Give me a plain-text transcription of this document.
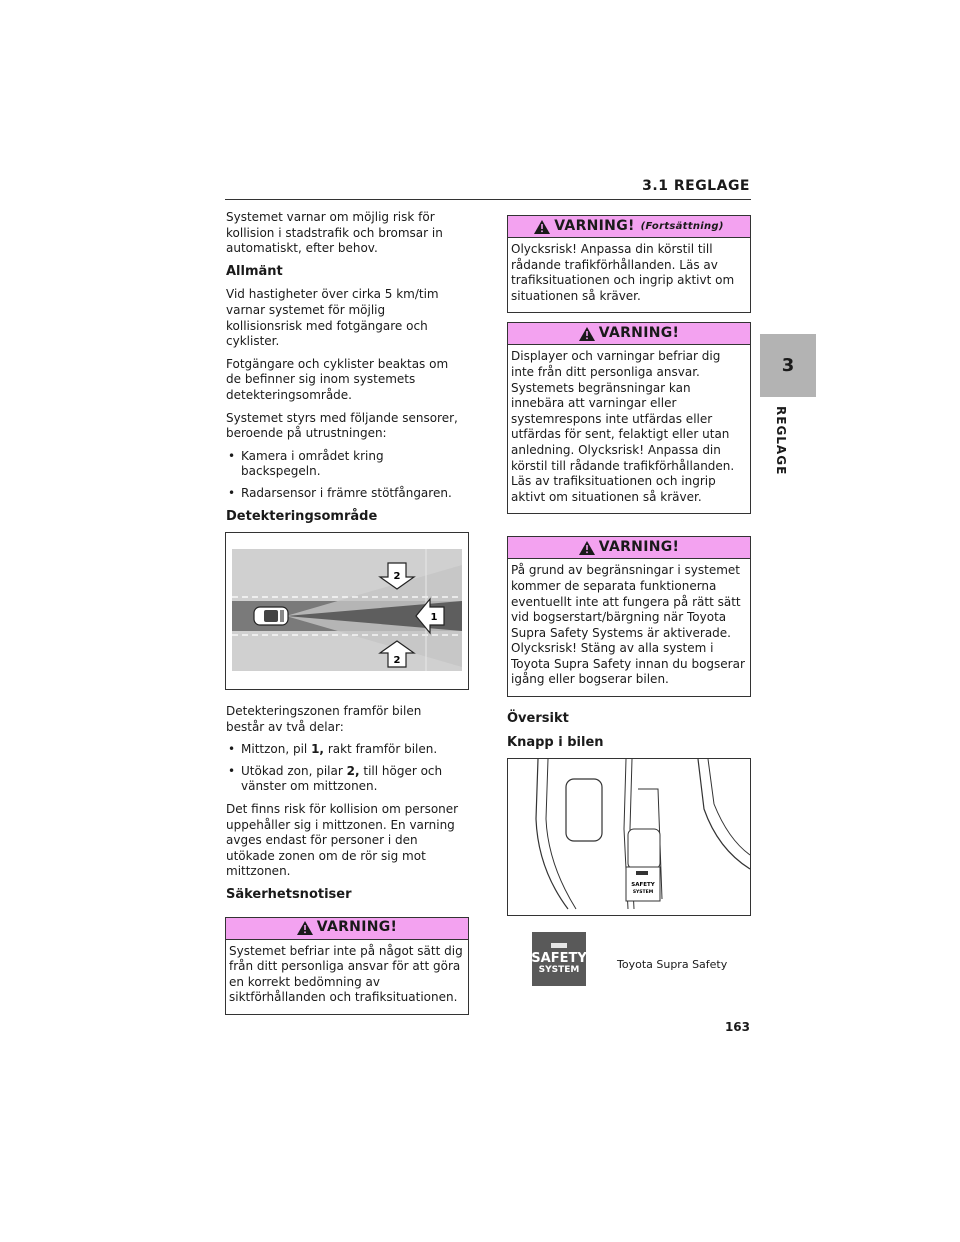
3.1 REGLAGE
3
REGLAGE

Systemet varnar om möjlig risk för kollision i stadstrafik och bromsar in automatiskt, efter behov.

Allmänt

Vid hastigheter över cirka 5 km/tim varnar systemet för möjlig kollisionsrisk med fotgängare och cyklister.

Fotgängare och cyklister beaktas om de befinner sig inom systemets detekteringsområde.

Systemet styrs med följande sensorer, beroende på utrustningen:

• Kamera i området kring backspegeln.
• Radarsensor i främre stötfångaren.
Detekteringsområde
2
1
2

Detekteringszonen framför bilen består av två delar:

• Mittzon, pil 1, rakt framför bilen.
• Utökad zon, pilar 2, till höger och vänster om mittzonen.

Det finns risk för kollision om personer uppehåller sig i mittzonen. En varning avges endast för personer i den utökade zonen om de rör sig mot mittzonen.

Säkerhetsnotiser
VARNING!
Systemet befriar inte på något sätt dig från ditt personliga ansvar för att göra en korrekt bedömning av siktförhållanden och trafiksituationen.
VARNING! (Fortsättning)
Olycksrisk! Anpassa din körstil till rådande trafikförhållanden. Läs av trafiksituationen och ingrip aktivt om situationen så kräver.
VARNING!
Displayer och varningar befriar dig inte från ditt personliga ansvar. Systemets begränsningar kan innebära att varningar eller systemrespons inte utfärdas eller utfärdas för sent, felaktigt eller utan anledning. Olycksrisk! Anpassa din körstil till rådande trafikförhållanden. Läs av trafiksituationen och ingrip aktivt om situationen så kräver.
VARNING!
På grund av begränsningar i systemet kommer de separata funktionerna eventuellt inte att fungera på rätt sätt vid bogserstart/bärgning när Toyota Supra Safety Systems är aktiverade. Olycksrisk! Stäng av alla system i Toyota Supra Safety innan du bogserar igång eller bogserar bilen.
Översikt
Knapp i bilen
SAFETY
SYSTEM
SAFETY
SYSTEM	Toyota Supra Safety
163
